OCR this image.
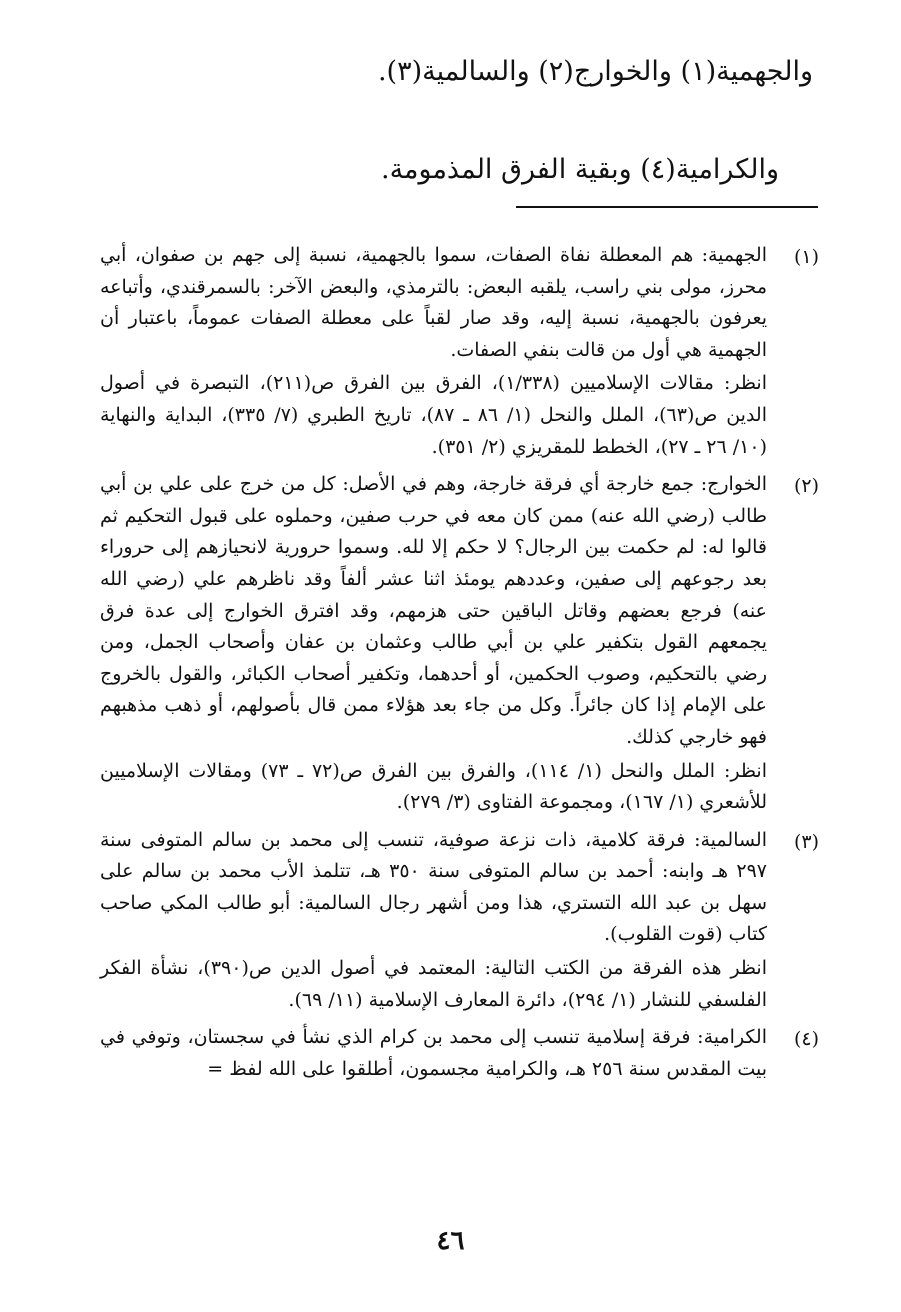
والجهمية(١) والخوارج(٢) والسالمية(٣).
والكرامية(٤) وبقية الفرق المذمومة.
(١)

الجهمية: هم المعطلة نفاة الصفات، سموا بالجهمية، نسبة إلى جهم بن صفوان، أبي محرز، مولى بني راسب، يلقبه البعض: بالترمذي، والبعض الآخر: بالسمرقندي، وأتباعه يعرفون بالجهمية، نسبة إليه، وقد صار لقباً على معطلة الصفات عموماً، باعتبار أن الجهمية هي أول من قالت بنفي الصفات.

انظر: مقالات الإسلاميين (١/٣٣٨)، الفرق بين الفرق ص(٢١١)، التبصرة في أصول الدين ص(٦٣)، الملل والنحل (١/ ٨٦ ـ ٨٧)، تاريخ الطبري (٧/ ٣٣٥)، البداية والنهاية (١٠/ ٢٦ ـ ٢٧)، الخطط للمقريزي (٢/ ٣٥١).

(٢)

الخوارج: جمع خارجة أي فرقة خارجة، وهم في الأصل: كل من خرج على علي بن أبي طالب (رضي الله عنه) ممن كان معه في حرب صفين، وحملوه على قبول التحكيم ثم قالوا له: لم حكمت بين الرجال؟ لا حكم إلا لله. وسموا حرورية لانحيازهم إلى حروراء بعد رجوعهم إلى صفين، وعددهم يومئذ اثنا عشر ألفاً وقد ناظرهم علي (رضي الله عنه) فرجع بعضهم وقاتل الباقين حتى هزمهم، وقد افترق الخوارج إلى عدة فرق يجمعهم القول بتكفير علي بن أبي طالب وعثمان بن عفان وأصحاب الجمل، ومن رضي بالتحكيم، وصوب الحكمين، أو أحدهما، وتكفير أصحاب الكبائر، والقول بالخروج على الإمام إذا كان جائراً. وكل من جاء بعد هؤلاء ممن قال بأصولهم، أو ذهب مذهبهم فهو خارجي كذلك.

انظر: الملل والنحل (١/ ١١٤)، والفرق بين الفرق ص(٧٢ ـ ٧٣) ومقالات الإسلاميين للأشعري (١/ ١٦٧)، ومجموعة الفتاوى (٣/ ٢٧٩).

(٣)

السالمية: فرقة كلامية، ذات نزعة صوفية، تنسب إلى محمد بن سالم المتوفى سنة ٢٩٧ هـ وابنه: أحمد بن سالم المتوفى سنة ٣٥٠ هـ، تتلمذ الأب محمد بن سالم على سهل بن عبد الله التستري، هذا ومن أشهر رجال السالمية: أبو طالب المكي صاحب كتاب (قوت القلوب).

انظر هذه الفرقة من الكتب التالية: المعتمد في أصول الدين ص(٣٩٠)، نشأة الفكر الفلسفي للنشار (١/ ٢٩٤)، دائرة المعارف الإسلامية (١١/ ٦٩).

(٤)

الكرامية: فرقة إسلامية تنسب إلى محمد بن كرام الذي نشأ في سجستان، وتوفي في بيت المقدس سنة ٢٥٦ هـ، والكرامية مجسمون، أطلقوا على الله لفظ =

٤٦
